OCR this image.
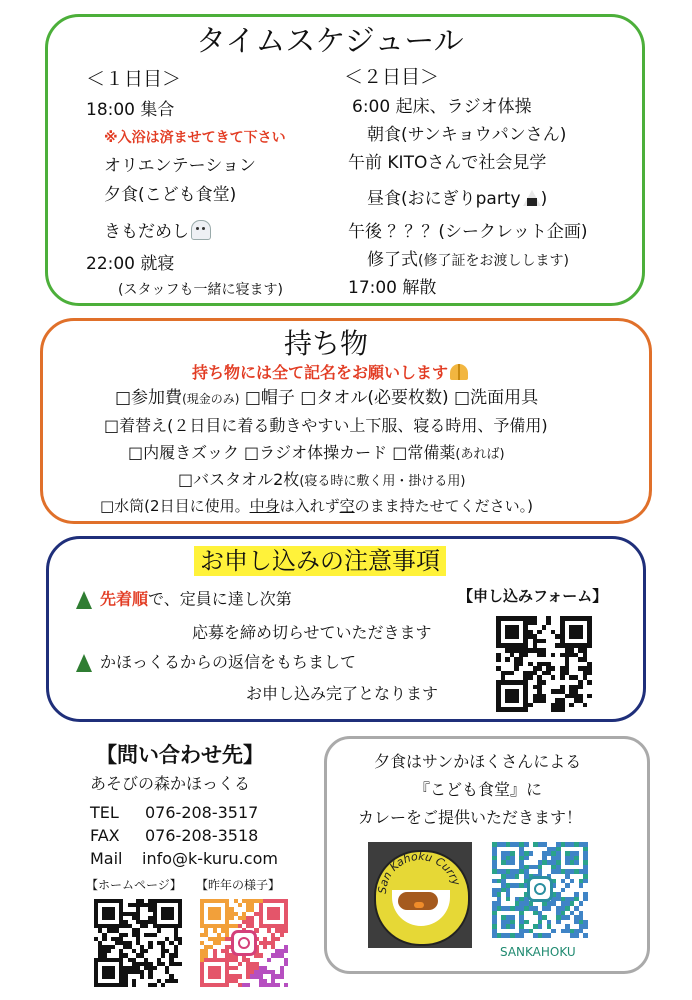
タイムスケジュール
＜１日目＞
18:00 集合
※入浴は済ませてきて下さい
オリエンテーション
夕食(こども食堂)
きもだめし
22:00 就寝
(スタッフも一緒に寝ます)
＜２日目＞
6:00 起床、ラジオ体操
朝食(サンキョウパンさん)
午前 KITOさんで社会見学
昼食(おにぎりparty )
午後 ？？？(シークレット企画)
修了式(修了証をお渡しします)
17:00 解散
持ち物
持ち物には全て記名をお願いします
□参加費(現金のみ) □帽子 □タオル(必要枚数) □洗面用具
□着替え(２日目に着る動きやすい上下服、寝る時用、予備用)
□内履きズック □ラジオ体操カード □常備薬(あれば)
□バスタオル2枚(寝る時に敷く用・掛ける用)
□水筒(2日目に使用。中身は入れず空のまま持たせてください。)
お申し込みの注意事項
先着順で、定員に達し次第
応募を締め切らせていただきます
かほっくるからの返信をもちまして
お申し込み完了となります
【申し込みフォーム】
【問い合わせ先】
あそびの森かほっくる
TEL 076-208-3517
FAX 076-208-3518
Mail info@k-kuru.com
【ホームページ】 【昨年の様子】
夕食はサンかほくさんによる
『こども食堂』に
カレーをご提供いただきます！
San Kahoku Curry
SANKAHOKU
